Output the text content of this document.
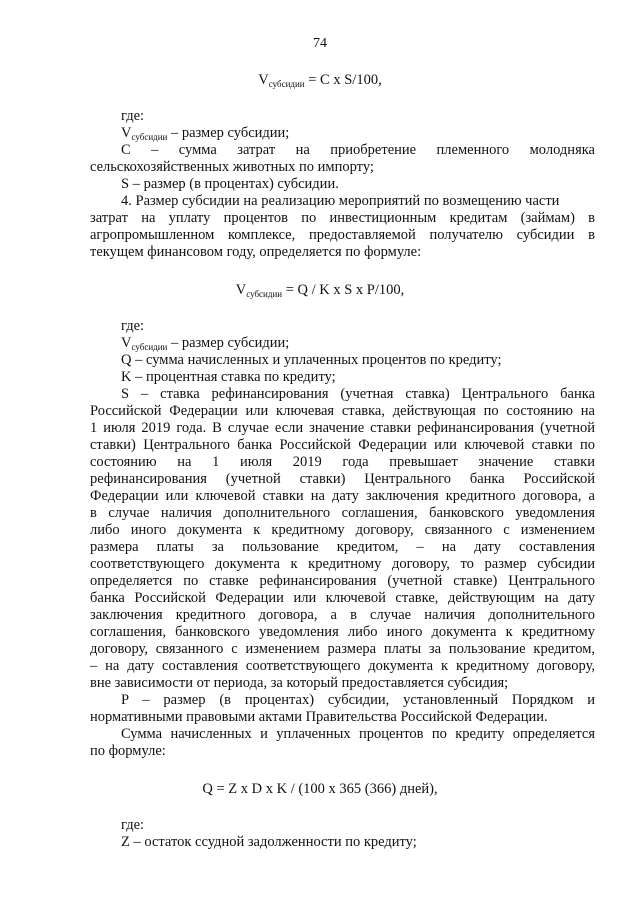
74
$V_{субсидии} = C$ x S/100,
где:
$V_{субсидии}$ – размер субсидии;
C – сумма затрат на приобретение племенного молодняка
сельскохозяйственных животных по импорту;
S – размер (в процентах) субсидии.
4. Размер субсидии на реализацию мероприятий по возмещению части
затрат на уплату процентов по инвестиционным кредитам (займам) в
агропромышленном комплексе, предоставляемой получателю субсидии в
текущем финансовом году, определяется по формуле:
$V_{субсидии} = Q / K$ x S x P/100,
где:
$V_{субсидии}$ – размер субсидии;
Q – сумма начисленных и уплаченных процентов по кредиту;
K – процентная ставка по кредиту;
S – ставка рефинансирования (учетная ставка) Центрального банка
Российской Федерации или ключевая ставка, действующая по состоянию на
1 июля 2019 года. В случае если значение ставки рефинансирования (учетной
ставки) Центрального банка Российской Федерации или ключевой ставки по
состоянию на 1 июля 2019 года превышает значение ставки
рефинансирования (учетной ставки) Центрального банка Российской
Федерации или ключевой ставки на дату заключения кредитного договора, а
в случае наличия дополнительного соглашения, банковского уведомления
либо иного документа к кредитному договору, связанного с изменением
размера платы за пользование кредитом, – на дату составления
соответствующего документа к кредитному договору, то размер субсидии
определяется по ставке рефинансирования (учетной ставке) Центрального
банка Российской Федерации или ключевой ставке, действующим на дату
заключения кредитного договора, а в случае наличия дополнительного
соглашения, банковского уведомления либо иного документа к кредитному
договору, связанного с изменением размера платы за пользование кредитом,
– на дату составления соответствующего документа к кредитному договору,
вне зависимости от периода, за который предоставляется субсидия;
P – размер (в процентах) субсидии, установленный Порядком и
нормативными правовыми актами Правительства Российской Федерации.
Сумма начисленных и уплаченных процентов по кредиту определяется
по формуле:
Q = Z x D x K / (100 x 365 (366) дней),
где:
Z – остаток ссудной задолженности по кредиту;
